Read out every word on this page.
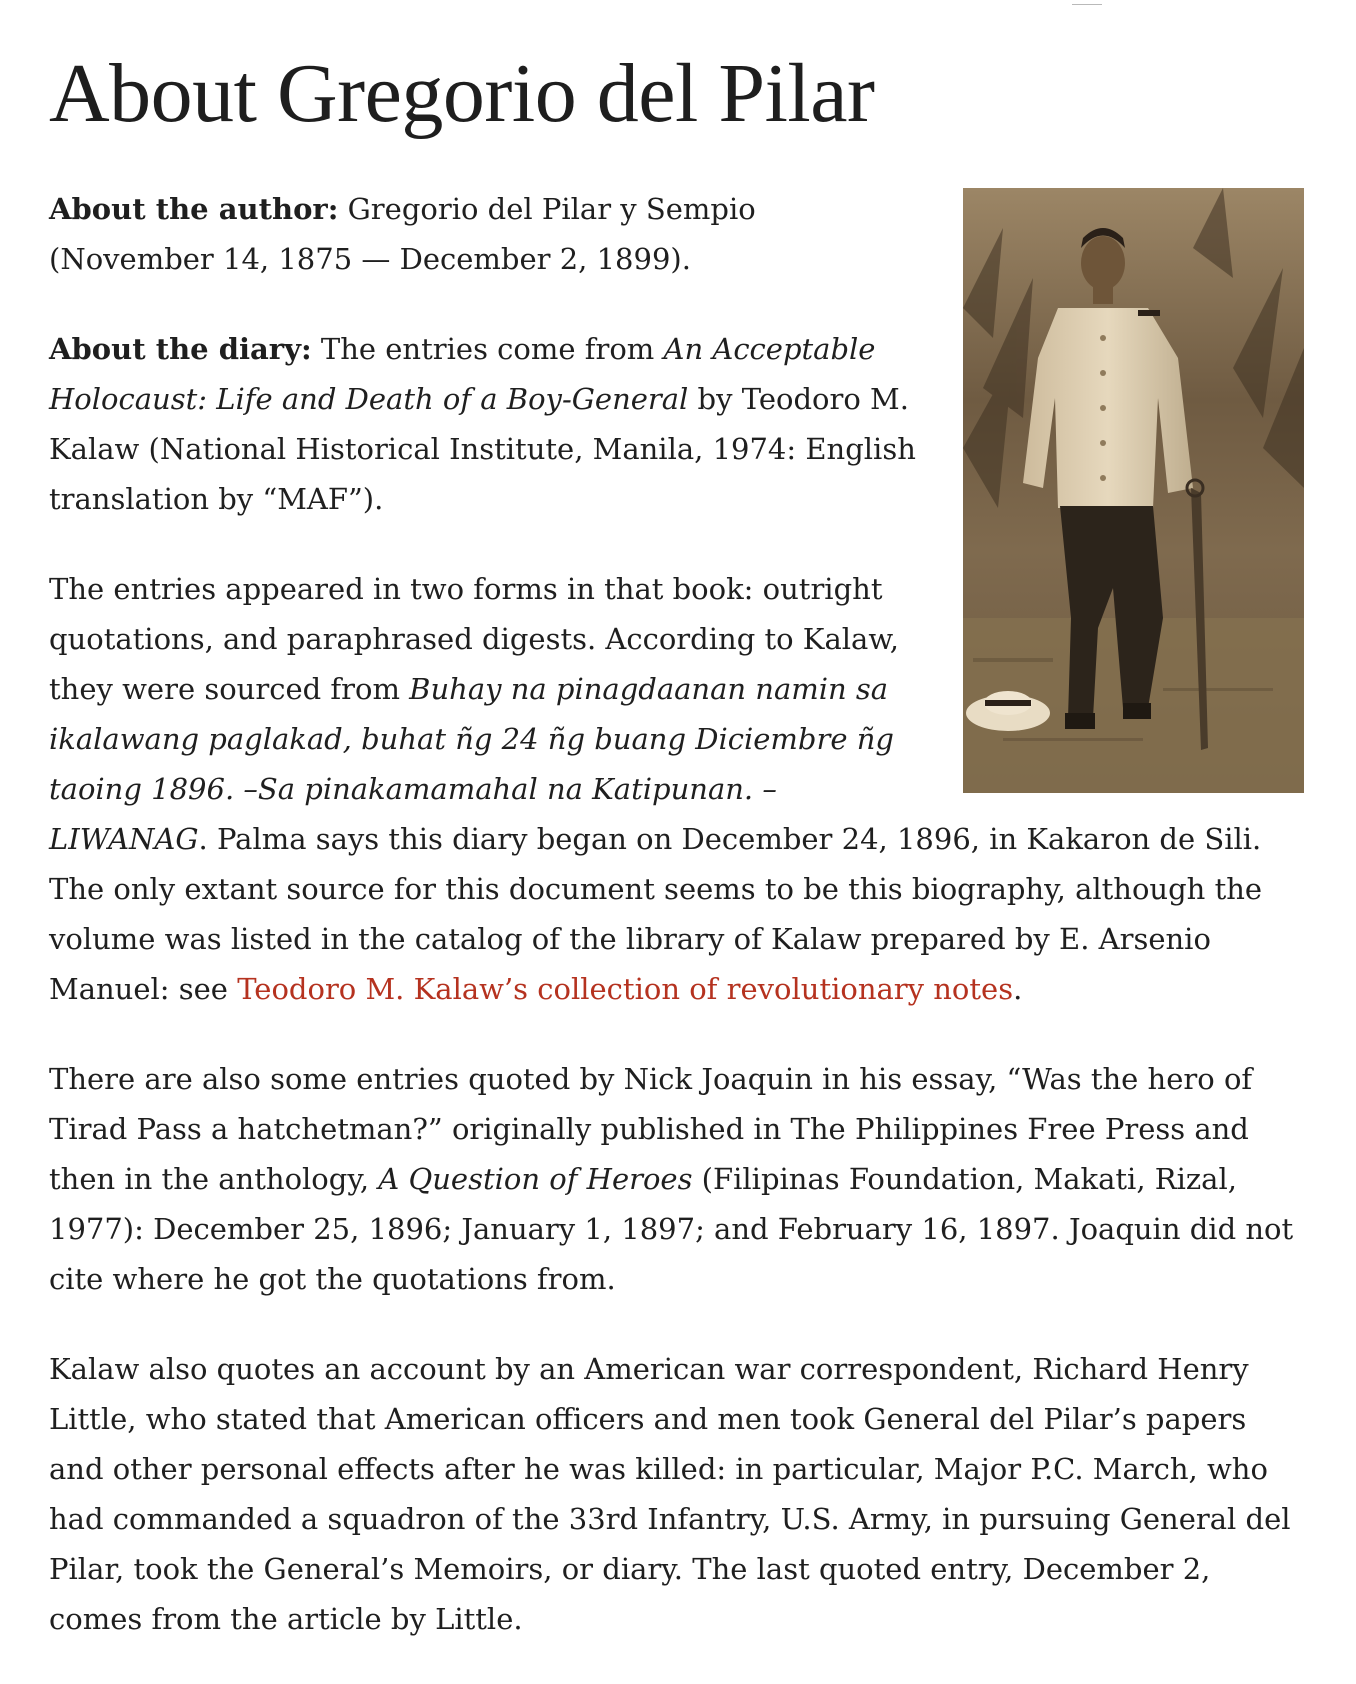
About Gregorio del Pilar

About the author: Gregorio del Pilar y Sempio (November 14, 1875 — December 2, 1899).

About the diary: The entries come from An Acceptable Holocaust: Life and Death of a Boy-General by Teodoro M. Kalaw (National Historical Institute, Manila, 1974: English translation by “MAF”).

The entries appeared in two forms in that book: outright quotations, and paraphrased digests. According to Kalaw, they were sourced from Buhay na pinagdaanan namin sa ikalawang paglakad, buhat ñg 24 ñg buang Diciembre ñg taoing 1896. –Sa pinakamamahal na Katipunan. –LIWANAG. Palma says this diary began on December 24, 1896, in Kakaron de Sili. The only extant source for this document seems to be this biography, although the volume was listed in the catalog of the library of Kalaw prepared by E. Arsenio Manuel: see Teodoro M. Kalaw’s collection of revolutionary notes.

There are also some entries quoted by Nick Joaquin in his essay, “Was the hero of Tirad Pass a hatchetman?” originally published in The Philippines Free Press and then in the anthology, A Question of Heroes (Filipinas Foundation, Makati, Rizal, 1977): December 25, 1896; January 1, 1897; and February 16, 1897. Joaquin did not cite where he got the quotations from.

Kalaw also quotes an account by an American war correspondent, Richard Henry Little, who stated that American officers and men took General del Pilar’s papers and other personal effects after he was killed: in particular, Major P.C. March, who had commanded a squadron of the 33rd Infantry, U.S. Army, in pursuing General del Pilar, took the General’s Memoirs, or diary. The last quoted entry, December 2, comes from the article by Little.
